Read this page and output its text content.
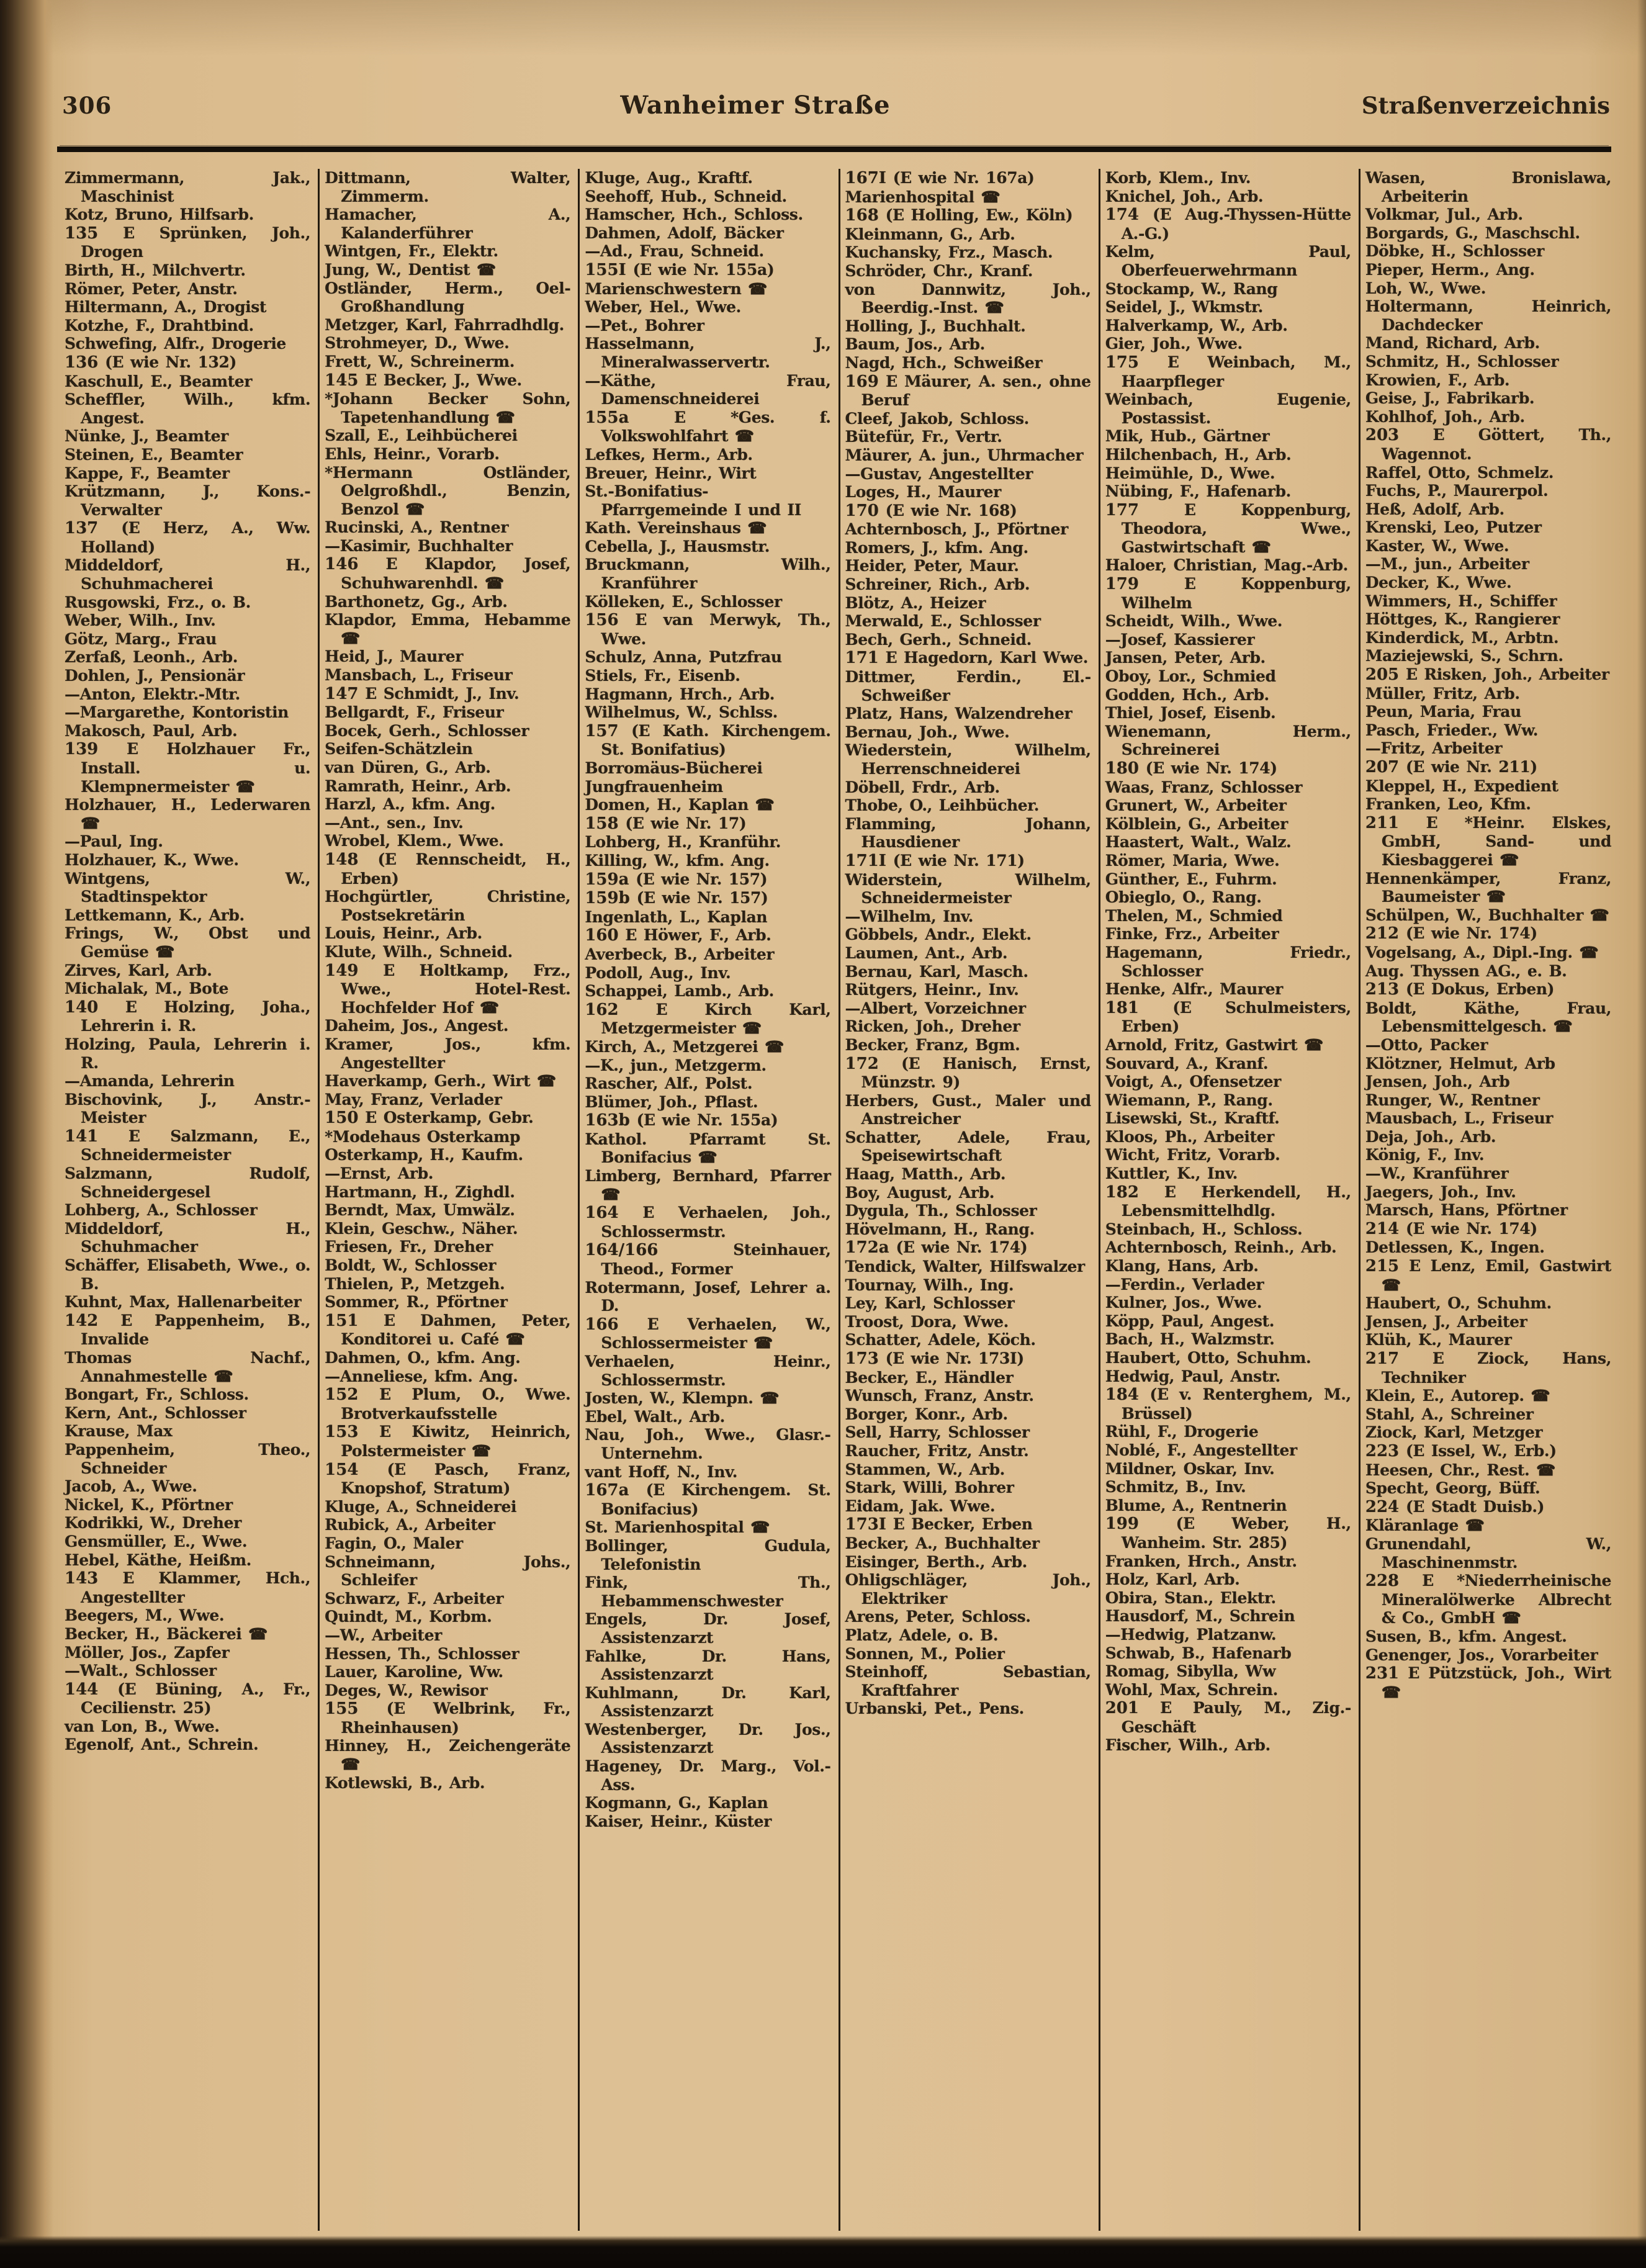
306	Wanheimer Straße	Straßenverzeichnis
Zimmermann, Jak., Maschinist
Kotz, Bruno, Hilfsarb.
135 E Sprünken, Joh., Drogen
Birth, H., Milchvertr.
Römer, Peter, Anstr.
Hiltermann, A., Drogist
Kotzhe, F., Drahtbind.
Schwefing, Alfr., Drogerie
136 (E wie Nr. 132)
Kaschull, E., Beamter
Scheffler, Wilh., kfm. Angest.
Nünke, J., Beamter
Steinen, E., Beamter
Kappe, F., Beamter
Krützmann, J., Kons.-Verwalter
137 (E Herz, A., Ww. Holland)
Middeldorf, H., Schuhmacherei
Rusgowski, Frz., o. B.
Weber, Wilh., Inv.
Götz, Marg., Frau
Zerfaß, Leonh., Arb.
Dohlen, J., Pensionär
—Anton, Elektr.-Mtr.
—Margarethe, Kontoristin
Makosch, Paul, Arb.
139 E Holzhauer Fr., Install. u. Klempnermeister ☎
Holzhauer, H., Lederwaren ☎
—Paul, Ing.
Holzhauer, K., Wwe.
Wintgens, W., Stadtinspektor
Lettkemann, K., Arb.
Frings, W., Obst und Gemüse ☎
Zirves, Karl, Arb.
Michalak, M., Bote
140 E Holzing, Joha., Lehrerin i. R.
Holzing, Paula, Lehrerin i. R.
—Amanda, Lehrerin
Bischovink, J., Anstr.-Meister
141 E Salzmann, E., Schneidermeister
Salzmann, Rudolf, Schneidergesel
Lohberg, A., Schlosser
Middeldorf, H., Schuhmacher
Schäffer, Elisabeth, Wwe., o. B.
Kuhnt, Max, Hallenarbeiter
142 E Pappenheim, B., Invalide
Thomas Nachf., Annahmestelle ☎
Bongart, Fr., Schloss.
Kern, Ant., Schlosser
Krause, Max
Pappenheim, Theo., Schneider
Jacob, A., Wwe.
Nickel, K., Pförtner
Kodrikki, W., Dreher
Gensmüller, E., Wwe.
Hebel, Käthe, Heißm.
143 E Klammer, Hch., Angestellter
Beegers, M., Wwe.
Becker, H., Bäckerei ☎
Möller, Jos., Zapfer
—Walt., Schlosser
144 (E Büning, A., Fr., Cecilienstr. 25)
van Lon, B., Wwe.
Egenolf, Ant., Schrein.
Dittmann, Walter, Zimmerm.
Hamacher, A., Kalanderführer
Wintgen, Fr., Elektr.
Jung, W., Dentist ☎
Ostländer, Herm., Oel-Großhandlung
Metzger, Karl, Fahrradhdlg.
Strohmeyer, D., Wwe.
Frett, W., Schreinerm.
145 E Becker, J., Wwe.
*Johann Becker Sohn, Tapetenhandlung ☎
Szall, E., Leihbücherei
Ehls, Heinr., Vorarb.
*Hermann Ostländer, Oelgroßhdl., Benzin, Benzol ☎
Rucinski, A., Rentner
—Kasimir, Buchhalter
146 E Klapdor, Josef, Schuhwarenhdl. ☎
Barthonetz, Gg., Arb.
Klapdor, Emma, Hebamme ☎
Heid, J., Maurer
Mansbach, L., Friseur
147 E Schmidt, J., Inv.
Bellgardt, F., Friseur
Bocek, Gerh., Schlosser
Seifen-Schätzlein
van Düren, G., Arb.
Ramrath, Heinr., Arb.
Harzl, A., kfm. Ang.
—Ant., sen., Inv.
Wrobel, Klem., Wwe.
148 (E Rennscheidt, H., Erben)
Hochgürtler, Christine, Postsekretärin
Louis, Heinr., Arb.
Klute, Wilh., Schneid.
149 E Holtkamp, Frz., Wwe., Hotel-Rest. Hochfelder Hof ☎
Daheim, Jos., Angest.
Kramer, Jos., kfm. Angestellter
Haverkamp, Gerh., Wirt ☎
May, Franz, Verlader
150 E Osterkamp, Gebr.
*Modehaus Osterkamp
Osterkamp, H., Kaufm.
—Ernst, Arb.
Hartmann, H., Zighdl.
Berndt, Max, Umwälz.
Klein, Geschw., Näher.
Friesen, Fr., Dreher
Boldt, W., Schlosser
Thielen, P., Metzgeh.
Sommer, R., Pförtner
151 E Dahmen, Peter, Konditorei u. Café ☎
Dahmen, O., kfm. Ang.
—Anneliese, kfm. Ang.
152 E Plum, O., Wwe. Brotverkaufsstelle
153 E Kiwitz, Heinrich, Polstermeister ☎
154 (E Pasch, Franz, Knopshof, Stratum)
Kluge, A., Schneiderei
Rubick, A., Arbeiter
Fagin, O., Maler
Schneimann, Johs., Schleifer
Schwarz, F., Arbeiter
Quindt, M., Korbm.
—W., Arbeiter
Hessen, Th., Schlosser
Lauer, Karoline, Ww.
Deges, W., Rewisor
155 (E Welbrink, Fr., Rheinhausen)
Hinney, H., Zeichengeräte ☎
Kotlewski, B., Arb.
Kluge, Aug., Kraftf.
Seehoff, Hub., Schneid.
Hamscher, Hch., Schloss.
Dahmen, Adolf, Bäcker
—Ad., Frau, Schneid.
155I (E wie Nr. 155a)
Marienschwestern ☎
Weber, Hel., Wwe.
—Pet., Bohrer
Hasselmann, J., Mineralwasservertr.
—Käthe, Frau, Damenschneiderei
155a E *Ges. f. Volkswohlfahrt ☎
Lefkes, Herm., Arb.
Breuer, Heinr., Wirt
St.-Bonifatius-Pfarrgemeinde I und II
Kath. Vereinshaus ☎
Cebella, J., Hausmstr.
Bruckmann, Wilh., Kranführer
Kölleken, E., Schlosser
156 E van Merwyk, Th., Wwe.
Schulz, Anna, Putzfrau
Stiels, Fr., Eisenb.
Hagmann, Hrch., Arb.
Wilhelmus, W., Schlss.
157 (E Kath. Kirchengem. St. Bonifatius)
Borromäus-Bücherei
Jungfrauenheim
Domen, H., Kaplan ☎
158 (E wie Nr. 17)
Lohberg, H., Kranführ.
Killing, W., kfm. Ang.
159a (E wie Nr. 157)
159b (E wie Nr. 157)
Ingenlath, L., Kaplan
160 E Höwer, F., Arb.
Averbeck, B., Arbeiter
Podoll, Aug., Inv.
Schappei, Lamb., Arb.
162 E Kirch Karl, Metzgermeister ☎
Kirch, A., Metzgerei ☎
—K., jun., Metzgerm.
Rascher, Alf., Polst.
Blümer, Joh., Pflast.
163b (E wie Nr. 155a)
Kathol. Pfarramt St. Bonifacius ☎
Limberg, Bernhard, Pfarrer ☎
164 E Verhaelen, Joh., Schlossermstr.
164/166 Steinhauer, Theod., Former
Rotermann, Josef, Lehrer a. D.
166 E Verhaelen, W., Schlossermeister ☎
Verhaelen, Heinr., Schlossermstr.
Josten, W., Klempn. ☎
Ebel, Walt., Arb.
Nau, Joh., Wwe., Glasr.-Unternehm.
vant Hoff, N., Inv.
167a (E Kirchengem. St. Bonifacius)
St. Marienhospital ☎
Bollinger, Gudula, Telefonistin
Fink, Th., Hebammenschwester
Engels, Dr. Josef, Assistenzarzt
Fahlke, Dr. Hans, Assistenzarzt
Kuhlmann, Dr. Karl, Assistenzarzt
Westenberger, Dr. Jos., Assistenzarzt
Hageney, Dr. Marg., Vol.-Ass.
Kogmann, G., Kaplan
Kaiser, Heinr., Küster
167I (E wie Nr. 167a)
Marienhospital ☎
168 (E Holling, Ew., Köln)
Kleinmann, G., Arb.
Kuchansky, Frz., Masch.
Schröder, Chr., Kranf.
von Dannwitz, Joh., Beerdig.-Inst. ☎
Holling, J., Buchhalt.
Baum, Jos., Arb.
Nagd, Hch., Schweißer
169 E Mäurer, A. sen., ohne Beruf
Cleef, Jakob, Schloss.
Bütefür, Fr., Vertr.
Mäurer, A. jun., Uhrmacher
—Gustav, Angestellter
Loges, H., Maurer
170 (E wie Nr. 168)
Achternbosch, J., Pförtner
Romers, J., kfm. Ang.
Heider, Peter, Maur.
Schreiner, Rich., Arb.
Blötz, A., Heizer
Merwald, E., Schlosser
Bech, Gerh., Schneid.
171 E Hagedorn, Karl Wwe.
Dittmer, Ferdin., El.-Schweißer
Platz, Hans, Walzendreher
Bernau, Joh., Wwe.
Wiederstein, Wilhelm, Herrenschneiderei
Döbell, Frdr., Arb.
Thobe, O., Leihbücher.
Flamming, Johann, Hausdiener
171I (E wie Nr. 171)
Widerstein, Wilhelm, Schneidermeister
—Wilhelm, Inv.
Göbbels, Andr., Elekt.
Laumen, Ant., Arb.
Bernau, Karl, Masch.
Rütgers, Heinr., Inv.
—Albert, Vorzeichner
Ricken, Joh., Dreher
Becker, Franz, Bgm.
172 (E Hanisch, Ernst, Münzstr. 9)
Herbers, Gust., Maler und Anstreicher
Schatter, Adele, Frau, Speisewirtschaft
Haag, Matth., Arb.
Boy, August, Arb.
Dygula, Th., Schlosser
Hövelmann, H., Rang.
172a (E wie Nr. 174)
Tendick, Walter, Hilfswalzer
Tournay, Wilh., Ing.
Ley, Karl, Schlosser
Troost, Dora, Wwe.
Schatter, Adele, Köch.
173 (E wie Nr. 173I)
Becker, E., Händler
Wunsch, Franz, Anstr.
Borger, Konr., Arb.
Sell, Harry, Schlosser
Raucher, Fritz, Anstr.
Stammen, W., Arb.
Stark, Willi, Bohrer
Eidam, Jak. Wwe.
173I E Becker, Erben
Becker, A., Buchhalter
Eisinger, Berth., Arb.
Ohligschläger, Joh., Elektriker
Arens, Peter, Schloss.
Platz, Adele, o. B.
Sonnen, M., Polier
Steinhoff, Sebastian, Kraftfahrer
Urbanski, Pet., Pens.
Korb, Klem., Inv.
Knichel, Joh., Arb.
174 (E Aug.-Thyssen-Hütte A.-G.)
Kelm, Paul, Oberfeuerwehrmann
Stockamp, W., Rang
Seidel, J., Wkmstr.
Halverkamp, W., Arb.
Gier, Joh., Wwe.
175 E Weinbach, M., Haarpfleger
Weinbach, Eugenie, Postassist.
Mik, Hub., Gärtner
Hilchenbach, H., Arb.
Heimühle, D., Wwe.
Nübing, F., Hafenarb.
177 E Koppenburg, Theodora, Wwe., Gastwirtschaft ☎
Haloer, Christian, Mag.-Arb.
179 E Koppenburg, Wilhelm
Scheidt, Wilh., Wwe.
—Josef, Kassierer
Jansen, Peter, Arb.
Oboy, Lor., Schmied
Godden, Hch., Arb.
Thiel, Josef, Eisenb.
Wienemann, Herm., Schreinerei
180 (E wie Nr. 174)
Waas, Franz, Schlosser
Grunert, W., Arbeiter
Kölblein, G., Arbeiter
Haastert, Walt., Walz.
Römer, Maria, Wwe.
Günther, E., Fuhrm.
Obieglo, O., Rang.
Thelen, M., Schmied
Finke, Frz., Arbeiter
Hagemann, Friedr., Schlosser
Henke, Alfr., Maurer
181 (E Schulmeisters, Erben)
Arnold, Fritz, Gastwirt ☎
Souvard, A., Kranf.
Voigt, A., Ofensetzer
Wiemann, P., Rang.
Lisewski, St., Kraftf.
Kloos, Ph., Arbeiter
Wicht, Fritz, Vorarb.
Kuttler, K., Inv.
182 E Herkendell, H., Lebensmittelhdlg.
Steinbach, H., Schloss.
Achternbosch, Reinh., Arb.
Klang, Hans, Arb.
—Ferdin., Verlader
Kulner, Jos., Wwe.
Köpp, Paul, Angest.
Bach, H., Walzmstr.
Haubert, Otto, Schuhm.
Hedwig, Paul, Anstr.
184 (E v. Renterghem, M., Brüssel)
Rühl, F., Drogerie
Noblé, F., Angestellter
Mildner, Oskar, Inv.
Schmitz, B., Inv.
Blume, A., Rentnerin
199 (E Weber, H., Wanheim. Str. 285)
Franken, Hrch., Anstr.
Holz, Karl, Arb.
Obira, Stan., Elektr.
Hausdorf, M., Schrein
—Hedwig, Platzanw.
Schwab, B., Hafenarb
Romag, Sibylla, Ww
Wohl, Max, Schrein.
201 E Pauly, M., Zig.-Geschäft
Fischer, Wilh., Arb.
Wasen, Bronislawa, Arbeiterin
Volkmar, Jul., Arb.
Borgards, G., Maschschl.
Döbke, H., Schlosser
Pieper, Herm., Ang.
Loh, W., Wwe.
Holtermann, Heinrich, Dachdecker
Mand, Richard, Arb.
Schmitz, H., Schlosser
Krowien, F., Arb.
Geise, J., Fabrikarb.
Kohlhof, Joh., Arb.
203 E Göttert, Th., Wagennot.
Raffel, Otto, Schmelz.
Fuchs, P., Maurerpol.
Heß, Adolf, Arb.
Krenski, Leo, Putzer
Kaster, W., Wwe.
—M., jun., Arbeiter
Decker, K., Wwe.
Wimmers, H., Schiffer
Höttges, K., Rangierer
Kinderdick, M., Arbtn.
Maziejewski, S., Schrn.
205 E Risken, Joh., Arbeiter
Müller, Fritz, Arb.
Peun, Maria, Frau
Pasch, Frieder., Ww.
—Fritz, Arbeiter
207 (E wie Nr. 211)
Kleppel, H., Expedient
Franken, Leo, Kfm.
211 E *Heinr. Elskes, GmbH, Sand- und Kiesbaggerei ☎
Hennenkämper, Franz, Baumeister ☎
Schülpen, W., Buchhalter ☎
212 (E wie Nr. 174)
Vogelsang, A., Dipl.-Ing. ☎
Aug. Thyssen AG., e. B.
213 (E Dokus, Erben)
Boldt, Käthe, Frau, Lebensmittelgesch. ☎
—Otto, Packer
Klötzner, Helmut, Arb
Jensen, Joh., Arb
Runger, W., Rentner
Mausbach, L., Friseur
Deja, Joh., Arb.
König, F., Inv.
—W., Kranführer
Jaegers, Joh., Inv.
Marsch, Hans, Pförtner
214 (E wie Nr. 174)
Detlessen, K., Ingen.
215 E Lenz, Emil, Gastwirt ☎
Haubert, O., Schuhm.
Jensen, J., Arbeiter
Klüh, K., Maurer
217 E Ziock, Hans, Techniker
Klein, E., Autorep. ☎
Stahl, A., Schreiner
Ziock, Karl, Metzger
223 (E Issel, W., Erb.)
Heesen, Chr., Rest. ☎
Specht, Georg, Büff.
224 (E Stadt Duisb.)
Kläranlage ☎
Grunendahl, W., Maschinenmstr.
228 E *Niederrheinische Mineralölwerke Albrecht & Co., GmbH ☎
Susen, B., kfm. Angest.
Genenger, Jos., Vorarbeiter
231 E Pützstück, Joh., Wirt ☎
